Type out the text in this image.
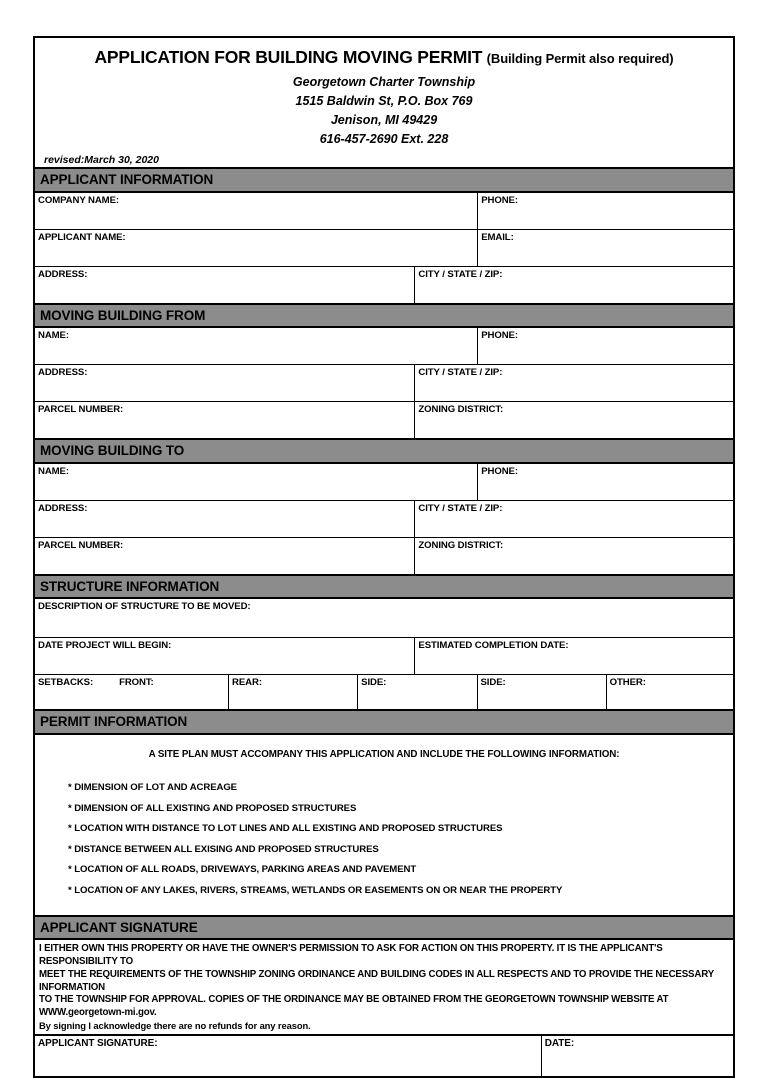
APPLICATION FOR BUILDING MOVING PERMIT (Building Permit also required)
Georgetown Charter Township
1515 Baldwin St, P.O. Box 769
Jenison, MI 49429
616-457-2690 Ext. 228
revised:March 30, 2020
APPLICANT INFORMATION
COMPANY NAME:	PHONE:
APPLICANT NAME:	EMAIL:
ADDRESS:	CITY / STATE / ZIP:
MOVING BUILDING FROM
NAME:	PHONE:
ADDRESS:	CITY / STATE / ZIP:
PARCEL NUMBER:	ZONING DISTRICT:
MOVING BUILDING TO
NAME:	PHONE:
ADDRESS:	CITY / STATE / ZIP:
PARCEL NUMBER:	ZONING DISTRICT:
STRUCTURE INFORMATION
DESCRIPTION OF STRUCTURE TO BE MOVED:
DATE PROJECT WILL BEGIN:	ESTIMATED COMPLETION DATE:
SETBACKS:	FRONT:	REAR:	SIDE:	SIDE:	OTHER:
PERMIT INFORMATION
A SITE PLAN MUST ACCOMPANY THIS APPLICATION AND INCLUDE THE FOLLOWING INFORMATION:
* DIMENSION OF LOT AND ACREAGE
* DIMENSION OF ALL EXISTING AND PROPOSED STRUCTURES
* LOCATION WITH DISTANCE TO LOT LINES AND ALL EXISTING AND PROPOSED STRUCTURES
* DISTANCE BETWEEN ALL EXISING AND PROPOSED STRUCTURES
* LOCATION OF ALL ROADS, DRIVEWAYS, PARKING AREAS AND PAVEMENT
* LOCATION OF ANY LAKES, RIVERS, STREAMS, WETLANDS OR EASEMENTS ON OR NEAR THE PROPERTY
APPLICANT SIGNATURE

I EITHER OWN THIS PROPERTY OR HAVE THE OWNER'S PERMISSION TO ASK FOR ACTION ON THIS PROPERTY. IT IS THE APPLICANT'S RESPONSIBILITY TO

MEET THE REQUIREMENTS OF THE TOWNSHIP ZONING ORDINANCE AND BUILDING CODES IN ALL RESPECTS AND TO PROVIDE THE NECESSARY INFORMATION

TO THE TOWNSHIP FOR APPROVAL. COPIES OF THE ORDINANCE MAY BE OBTAINED FROM THE GEORGETOWN TOWNSHIP WEBSITE AT WWW.georgetown-mi.gov.

By signing I acknowledge there are no refunds for any reason.

APPLICANT SIGNATURE:	DATE:
